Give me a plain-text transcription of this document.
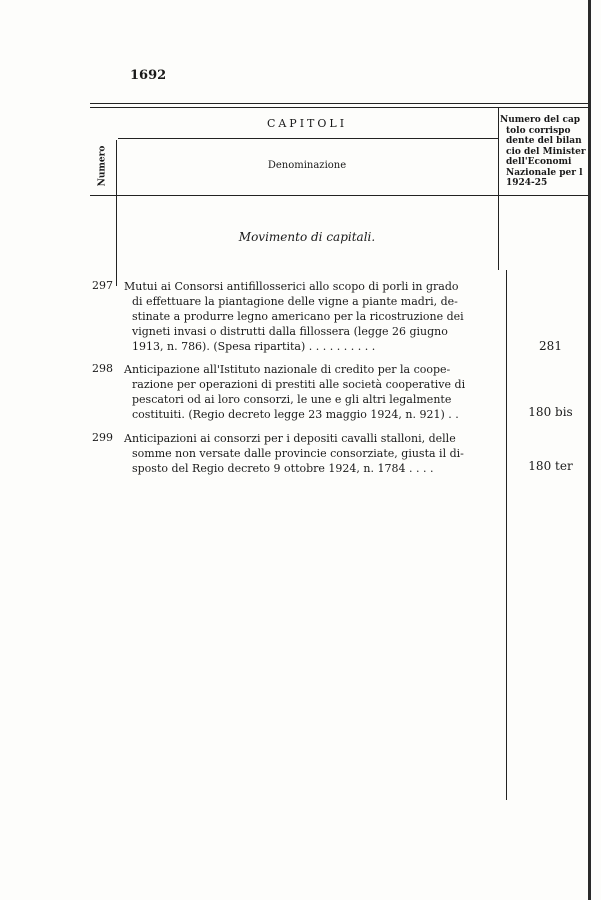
1692
CAPITOLI
Numero	Denominazione
Numero del cap
tolo corrispo
dente del bilan
cio del Minister
dell'Economi
Nazionale per l
1924-25
Movimento di capitali.
297 Mutui ai Consorsi antifillosserici allo scopo di porli in grado

di effettuare la piantagione delle vigne a piante madri, de-

stinate a produrre legno americano per la ricostruzione dei

vigneti invasi o distrutti dalla fillossera (legge 26 giugno

1913, n. 786). (Spesa ripartita) . . . . . . . . . .	281
298 Anticipazione all'Istituto nazionale di credito per la coope-

razione per operazioni di prestiti alle società cooperative di

pescatori od ai loro consorzi, le une e gli altri legalmente

costituiti. (Regio decreto legge 23 maggio 1924, n. 921) . .	180 bis
299 Anticipazioni ai consorzi per i depositi cavalli stalloni, delle

somme non versate dalle provincie consorziate, giusta il di-

sposto del Regio decreto 9 ottobre 1924, n. 1784 . . . .	180 ter
